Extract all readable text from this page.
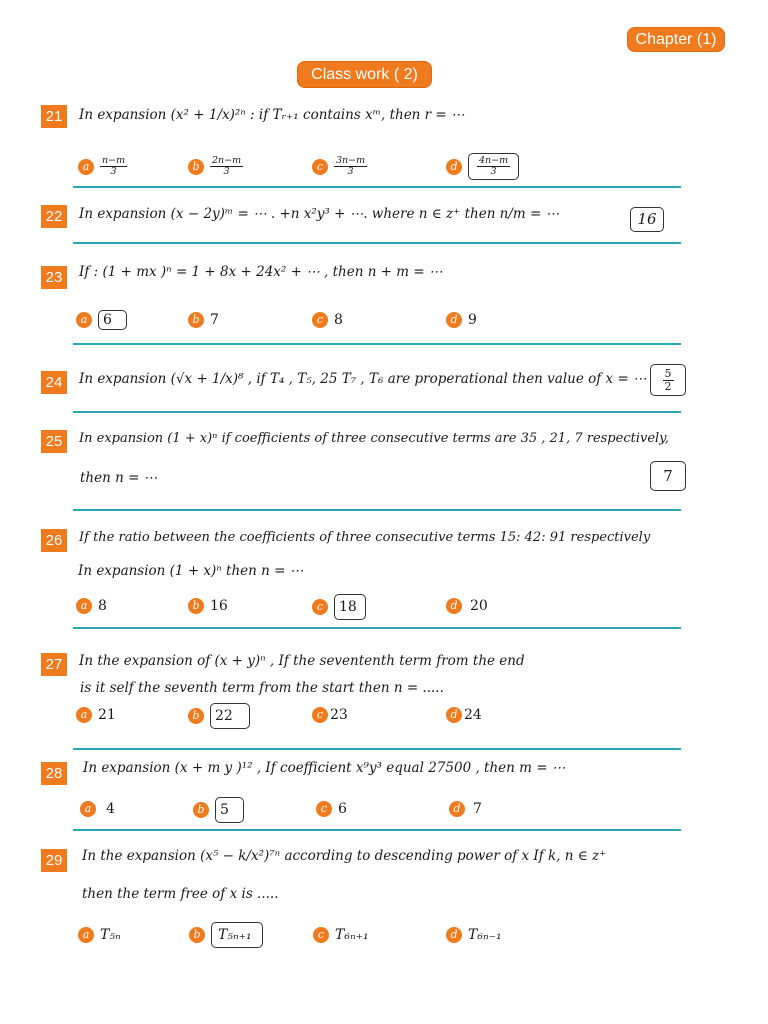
Chapter (1)
Class work ( 2)
21	In expansion (x² + 1/x)²ⁿ : if Tᵣ₊₁ contains xᵐ, then r = ⋯
a	$\frac{n-m}{3}$	b	$\frac{2n-m}{3}$	c	$\frac{3n-m}{3}$	d	$\frac{4n-m}{3}$
22	In expansion (x − 2y)ᵐ = ⋯ . +n x²y³ + ⋯. where n ∈ z⁺ then n/m = ⋯	16
23	If : (1 + mx )ⁿ = 1 + 8x + 24x² + ⋯ , then n + m = ⋯
a	6	b 7	c 8	d 9
24	In expansion (√x + 1/x)⁸ , if T₄ , T₅, 25 T₇ , T₆ are properational then value of x = ⋯ $\frac{5}{2}$
25	In expansion (1 + x)ⁿ if coefficients of three consecutive terms are 35 , 21, 7 respectively,
then n = ⋯	7
26	If the ratio between the coefficients of three consecutive terms 15: 42: 91 respectively
In expansion (1 + x)ⁿ then n = ⋯
a 8	b 16	c	18	d 20
27	In the expansion of (x + y)ⁿ , If the sevententh term from the end
is it self the seventh term from the start then n = .....
a 21	b	22	c 23	d 24
28	In expansion (x + m y )¹² , If coefficient x⁹y³ equal 27500 , then m = ⋯
a	4	b	5	c 6	d 7
29	In the expansion (x⁵ − k/x²)⁷ⁿ according to descending power of x If k, n ∈ z⁺
then the term free of x is .....
a T₅ₙ	b	T₅ₙ₊₁	c T₆ₙ₊₁	d T₆ₙ₋₁
